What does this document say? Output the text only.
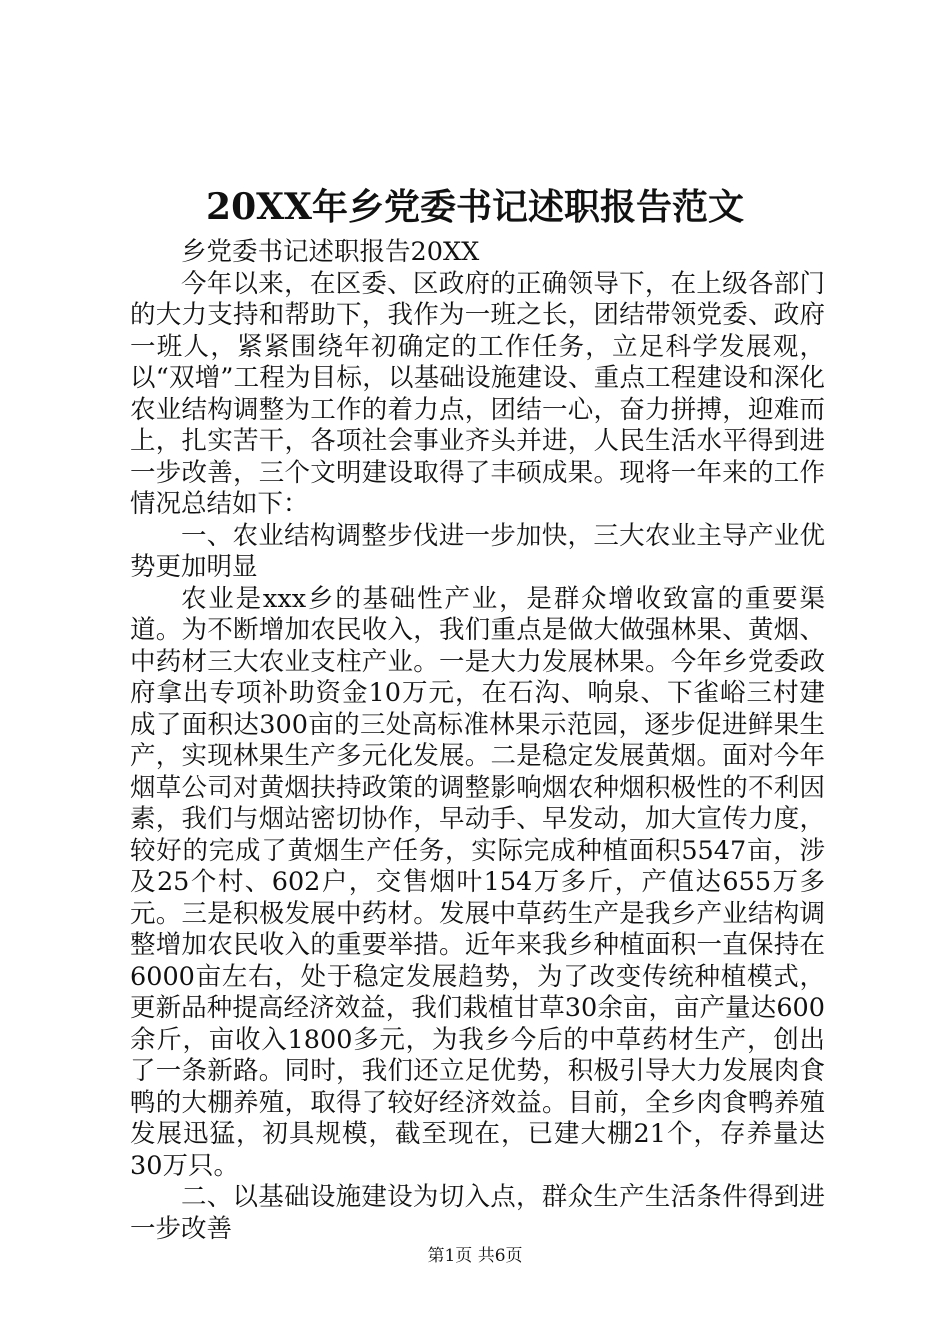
20XX年乡党委书记述职报告范文

乡党委书记述职报告20XX

今年以来，在区委、区政府的正确领导下，在上级各部门的大力支持和帮助下，我作为一班之长，团结带领党委、政府一班人，紧紧围绕年初确定的工作任务，立足科学发展观，以“双增”工程为目标，以基础设施建设、重点工程建设和深化农业结构调整为工作的着力点，团结一心，奋力拼搏，迎难而上，扎实苦干，各项社会事业齐头并进，人民生活水平得到进一步改善，三个文明建设取得了丰硕成果。现将一年来的工作情况总结如下：

一、农业结构调整步伐进一步加快，三大农业主导产业优势更加明显

农业是xxx乡的基础性产业，是群众增收致富的重要渠道。为不断增加农民收入，我们重点是做大做强林果、黄烟、中药材三大农业支柱产业。一是大力发展林果。今年乡党委政府拿出专项补助资金10万元，在石沟、响泉、下雀峪三村建成了面积达300亩的三处高标准林果示范园，逐步促进鲜果生产，实现林果生产多元化发展。二是稳定发展黄烟。面对今年烟草公司对黄烟扶持政策的调整影响烟农种烟积极性的不利因素，我们与烟站密切协作，早动手、早发动，加大宣传力度，较好的完成了黄烟生产任务，实际完成种植面积5547亩，涉及25个村、602户，交售烟叶154万多斤，产值达655万多元。三是积极发展中药材。发展中草药生产是我乡产业结构调整增加农民收入的重要举措。近年来我乡种植面积一直保持在6000亩左右，处于稳定发展趋势，为了改变传统种植模式，更新品种提高经济效益，我们栽植甘草30余亩，亩产量达600余斤，亩收入1800多元，为我乡今后的中草药材生产，创出了一条新路。同时，我们还立足优势，积极引导大力发展肉食鸭的大棚养殖，取得了较好经济效益。目前，全乡肉食鸭养殖发展迅猛，初具规模，截至现在，已建大棚21个，存养量达30万只。

二、以基础设施建设为切入点，群众生产生活条件得到进一步改善

第1页 共6页
